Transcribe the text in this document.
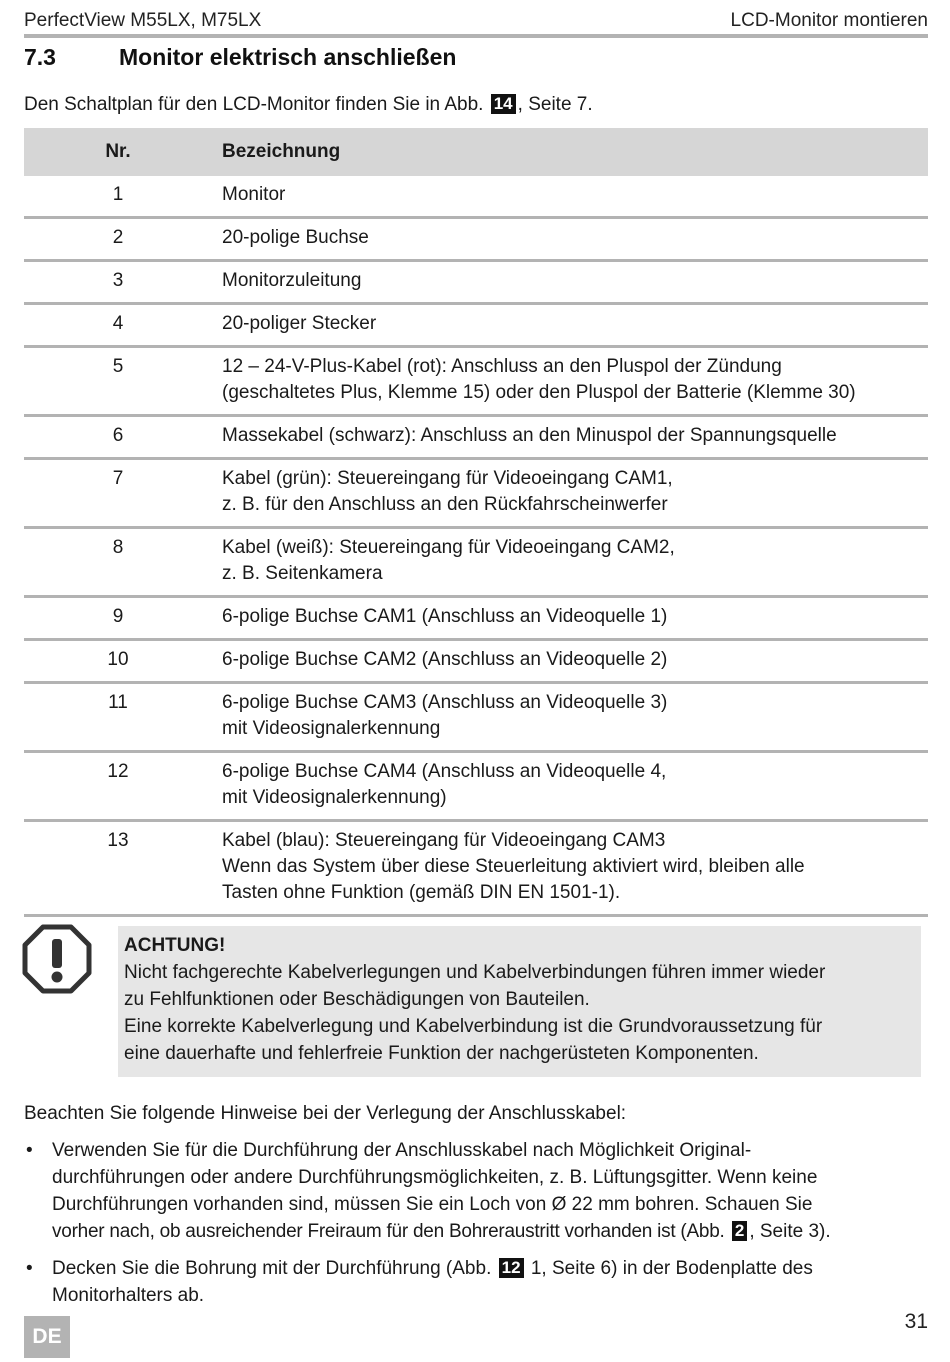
PerfectView M55LX, M75LX	LCD-Monitor montieren
7.3	Monitor elektrisch anschließen
Den Schaltplan für den LCD-Monitor finden Sie in Abb. 14 , Seite 7.
Nr.	Bezeichnung
1	Monitor
2	20-polige Buchse
3	Monitorzuleitung
4	20-poliger Stecker
5	12 – 24-V-Plus-Kabel (rot): Anschluss an den Pluspol der Zündung
(geschaltetes Plus, Klemme 15) oder den Pluspol der Batterie (Klemme 30)
6	Massekabel (schwarz): Anschluss an den Minuspol der Spannungsquelle
7	Kabel (grün): Steuereingang für Videoeingang CAM1,
z. B. für den Anschluss an den Rückfahrscheinwerfer
8	Kabel (weiß): Steuereingang für Videoeingang CAM2,
z. B. Seitenkamera
9	6-polige Buchse CAM1 (Anschluss an Videoquelle 1)
10	6-polige Buchse CAM2 (Anschluss an Videoquelle 2)
11	6-polige Buchse CAM3 (Anschluss an Videoquelle 3)
mit Videosignalerkennung
12	6-polige Buchse CAM4 (Anschluss an Videoquelle 4,
mit Videosignalerkennung)
13	Kabel (blau): Steuereingang für Videoeingang CAM3
Wenn das System über diese Steuerleitung aktiviert wird, bleiben alle
Tasten ohne Funktion (gemäß DIN EN 1501-1).
ACHTUNG!
Nicht fachgerechte Kabelverlegungen und Kabelverbindungen führen immer wieder
zu Fehlfunktionen oder Beschädigungen von Bauteilen.
Eine korrekte Kabelverlegung und Kabelverbindung ist die Grundvoraussetzung für
eine dauerhafte und fehlerfreie Funktion der nachgerüsteten Komponenten.
Beachten Sie folgende Hinweise bei der Verlegung der Anschlusskabel:
• Verwenden Sie für die Durchführung der Anschlusskabel nach Möglichkeit Original-
durchführungen oder andere Durchführungsmöglichkeiten, z. B. Lüftungsgitter. Wenn keine
Durchführungen vorhanden sind, müssen Sie ein Loch von Ø 22 mm bohren. Schauen Sie
vorher nach, ob ausreichender Freiraum für den Bohreraustritt vorhanden ist (Abb. 2 , Seite 3).
• Decken Sie die Bohrung mit der Durchführung (Abb. 12 1, Seite 6) in der Bodenplatte des
Monitorhalters ab.
DE
31
